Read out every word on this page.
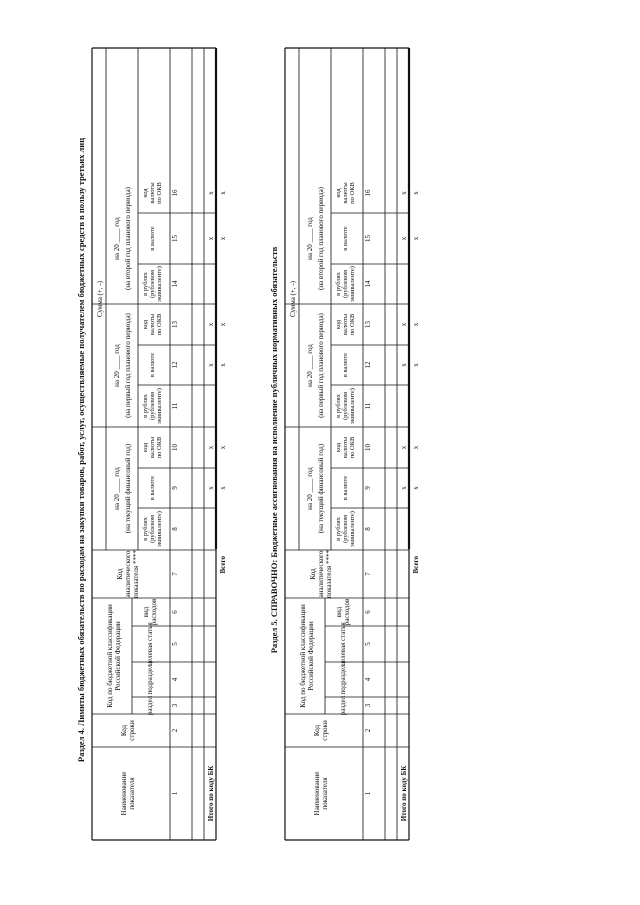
Раздел 4. Лимиты бюджетных обязательств по расходам на закупки товаров, работ, услуг, осуществляемые получателем бюджетных средств в пользу третьих лиц
Наименование показателя
Код строки
Код по бюджетной классификации Российской Федерации
раздел
подраздел
целевая статья
вид расходов
Код аналитического показателя ****
Сумма (+, -)
на 20 ____ год (на текущий финансовый год) в рублях (рублевом эквиваленте)
в валюте
код валюты по ОКВ
на 20 ____ год (на первый год планового периода) в рублях (рублевом эквиваленте)
в валюте
код валюты по ОКВ
на 20 ____ год (на второй год планового периода) в рублях (рублевом эквиваленте)
в валюте
код валюты по ОКВ
1
2
3
4
5
6
7
8
9
10
11
12
13
14
15
16
x x
x x
x x
x x
x x
x x
Итого по коду БК
Всего	Раздел 5. СПРАВОЧНО: Бюджетные ассигнования на исполнение публичных нормативных обязательств
Наименование показателя
Код строки
Код по бюджетной классификации Российской Федерации
раздел
подраздел
целевая статья
вид расходов
Код аналитического показателя ****
Сумма (+, -)
на 20 ____ год (на текущий финансовый год) в рублях (рублевом эквиваленте)
в валюте
код валюты по ОКВ
на 20 ____ год (на первый год планового периода) в рублях (рублевом эквиваленте)
в валюте
код валюты по ОКВ
на 20 ____ год (на второй год планового периода) в рублях (рублевом эквиваленте)
в валюте
код валюты по ОКВ
1
2
3
4
5
6
7
8
9
10
11
12
13
14
15
16
x x
x x
x x
x x
x x
x x
Итого по коду БК
Всего
